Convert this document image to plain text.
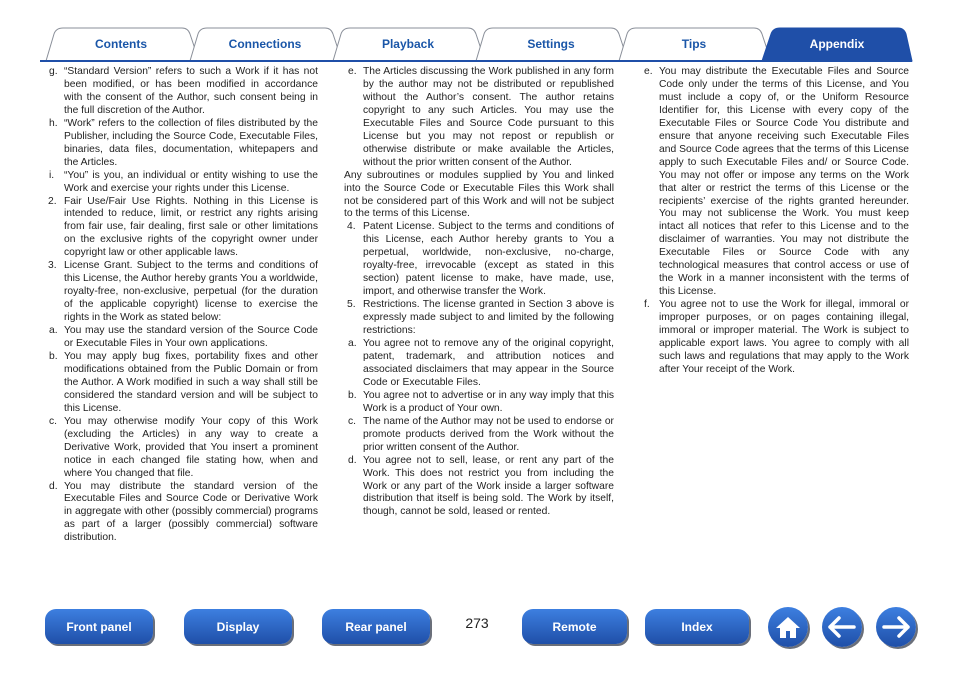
Contents	Connections	Playback	Settings	Tips	Appendix
g. “Standard Version” refers to such a Work if it has not been modified, or has been modified in accordance with the consent of the Author, such consent being in the full discretion of the Author.
h. “Work” refers to the collection of files distributed by the Publisher, including the Source Code, Executable Files, binaries, data files, documentation, whitepapers and the Articles.
i. “You” is you, an individual or entity wishing to use the Work and exercise your rights under this License.
2. Fair Use/Fair Use Rights. Nothing in this License is intended to reduce, limit, or restrict any rights arising from fair use, fair dealing, first sale or other limitations on the exclusive rights of the copyright owner under copyright law or other applicable laws.
3. License Grant. Subject to the terms and conditions of this License, the Author hereby grants You a worldwide, royalty-free, non-exclusive, perpetual (for the duration of the applicable copyright) license to exercise the rights in the Work as stated below:
a. You may use the standard version of the Source Code or Executable Files in Your own applications.
b. You may apply bug fixes, portability fixes and other modifications obtained from the Public Domain or from the Author. A Work modified in such a way shall still be considered the standard version and will be subject to this License.
c. You may otherwise modify Your copy of this Work (excluding the Articles) in any way to create a Derivative Work, provided that You insert a prominent notice in each changed file stating how, when and where You changed that file.
d. You may distribute the standard version of the Executable Files and Source Code or Derivative Work in aggregate with other (possibly commercial) programs as part of a larger (possibly commercial) software distribution.
e. The Articles discussing the Work published in any form by the author may not be distributed or republished without the Author’s consent. The author retains copyright to any such Articles. You may use the Executable Files and Source Code pursuant to this License but you may not repost or republish or otherwise distribute or make available the Articles, without the prior written consent of the Author.
Any subroutines or modules supplied by You and linked into the Source Code or Executable Files this Work shall not be considered part of this Work and will not be subject to the terms of this License.
4. Patent License. Subject to the terms and conditions of this License, each Author hereby grants to You a perpetual, worldwide, non-exclusive, no-charge, royalty-free, irrevocable (except as stated in this section) patent license to make, have made, use, import, and otherwise transfer the Work.
5. Restrictions. The license granted in Section 3 above is expressly made subject to and limited by the following restrictions:
a. You agree not to remove any of the original copyright, patent, trademark, and attribution notices and associated disclaimers that may appear in the Source Code or Executable Files.
b. You agree not to advertise or in any way imply that this Work is a product of Your own.
c. The name of the Author may not be used to endorse or promote products derived from the Work without the prior written consent of the Author.
d. You agree not to sell, lease, or rent any part of the Work. This does not restrict you from including the Work or any part of the Work inside a larger software distribution that itself is being sold. The Work by itself, though, cannot be sold, leased or rented.
e. You may distribute the Executable Files and Source Code only under the terms of this License, and You must include a copy of, or the Uniform Resource Identifier for, this License with every copy of the Executable Files or Source Code You distribute and ensure that anyone receiving such Executable Files and Source Code agrees that the terms of this License apply to such Executable Files and/ or Source Code. You may not offer or impose any terms on the Work that alter or restrict the terms of this License or the recipients’ exercise of the rights granted hereunder. You may not sublicense the Work. You must keep intact all notices that refer to this License and to the disclaimer of warranties. You may not distribute the Executable Files or Source Code with any technological measures that control access or use of the Work in a manner inconsistent with the terms of this License.
f. You agree not to use the Work for illegal, immoral or improper purposes, or on pages containing illegal, immoral or improper material. The Work is subject to applicable export laws. You agree to comply with all such laws and regulations that may apply to the Work after Your receipt of the Work.
Front panel	Display	Rear panel	273	Remote	Index
